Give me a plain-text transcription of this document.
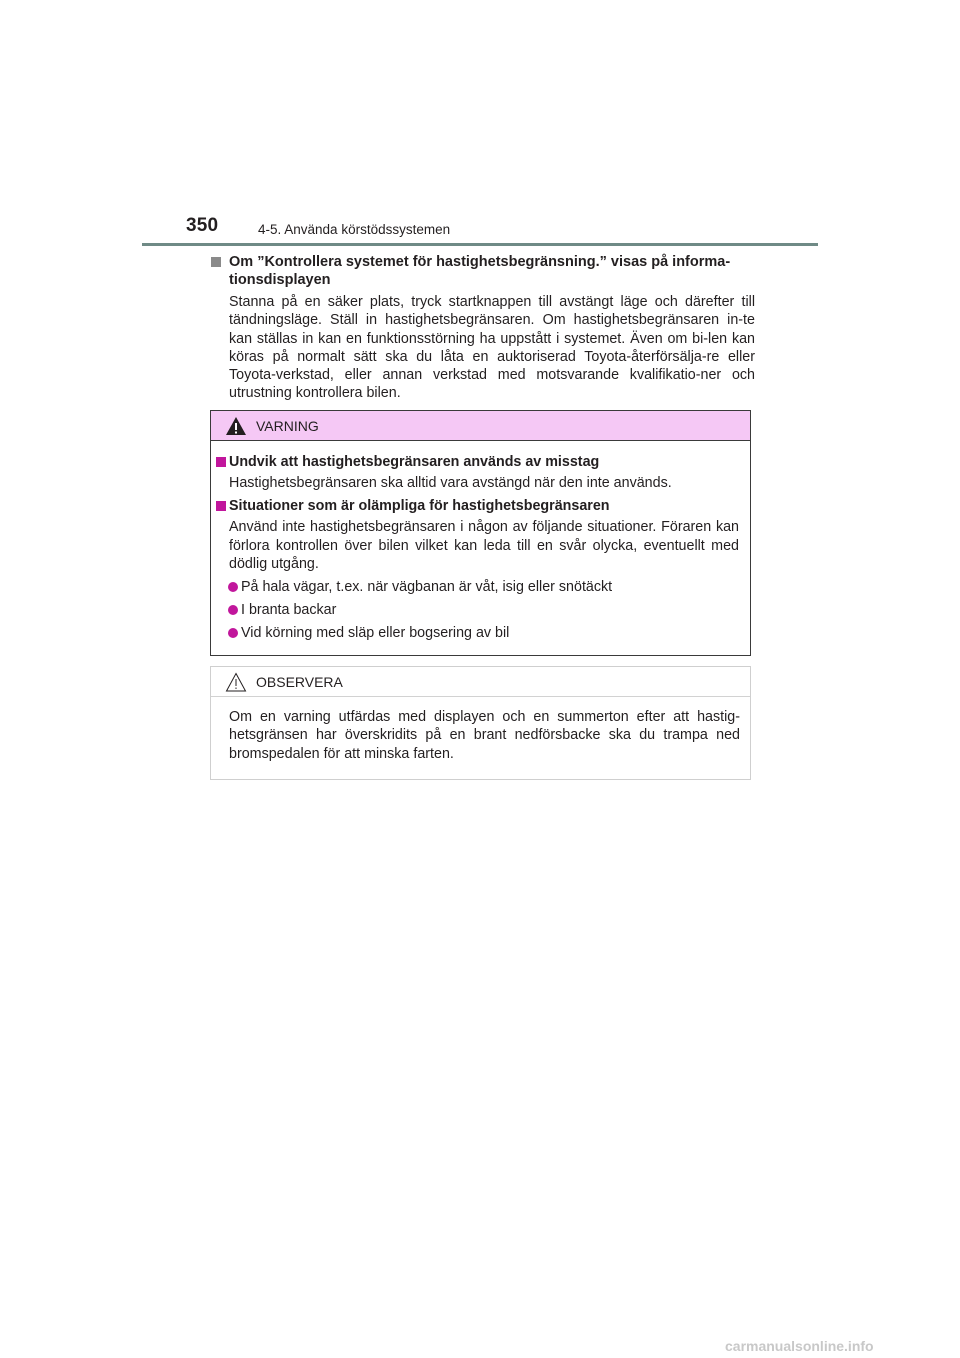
350	4-5. Använda körstödssystemen
Om ”Kontrollera systemet för hastighetsbegränsning.” visas på informa-tionsdisplayen
Stanna på en säker plats, tryck startknappen till avstängt läge och därefter till tändningsläge. Ställ in hastighetsbegränsaren. Om hastighetsbegränsaren in-te kan ställas in kan en funktionsstörning ha uppstått i systemet. Även om bi-len kan köras på normalt sätt ska du låta en auktoriserad Toyota-återförsälja-re eller Toyota-verkstad, eller annan verkstad med motsvarande kvalifikatio-ner och utrustning kontrollera bilen.
VARNING
Undvik att hastighetsbegränsaren används av misstag
Hastighetsbegränsaren ska alltid vara avstängd när den inte används.
Situationer som är olämpliga för hastighetsbegränsaren
Använd inte hastighetsbegränsaren i någon av följande situationer. Föraren kan förlora kontrollen över bilen vilket kan leda till en svår olycka, eventuellt med dödlig utgång.
På hala vägar, t.ex. när vägbanan är våt, isig eller snötäckt
I branta backar
Vid körning med släp eller bogsering av bil
OBSERVERA
Om en varning utfärdas med displayen och en summerton efter att hastig-hetsgränsen har överskridits på en brant nedförsbacke ska du trampa ned bromspedalen för att minska farten.
carmanualsonline.info
